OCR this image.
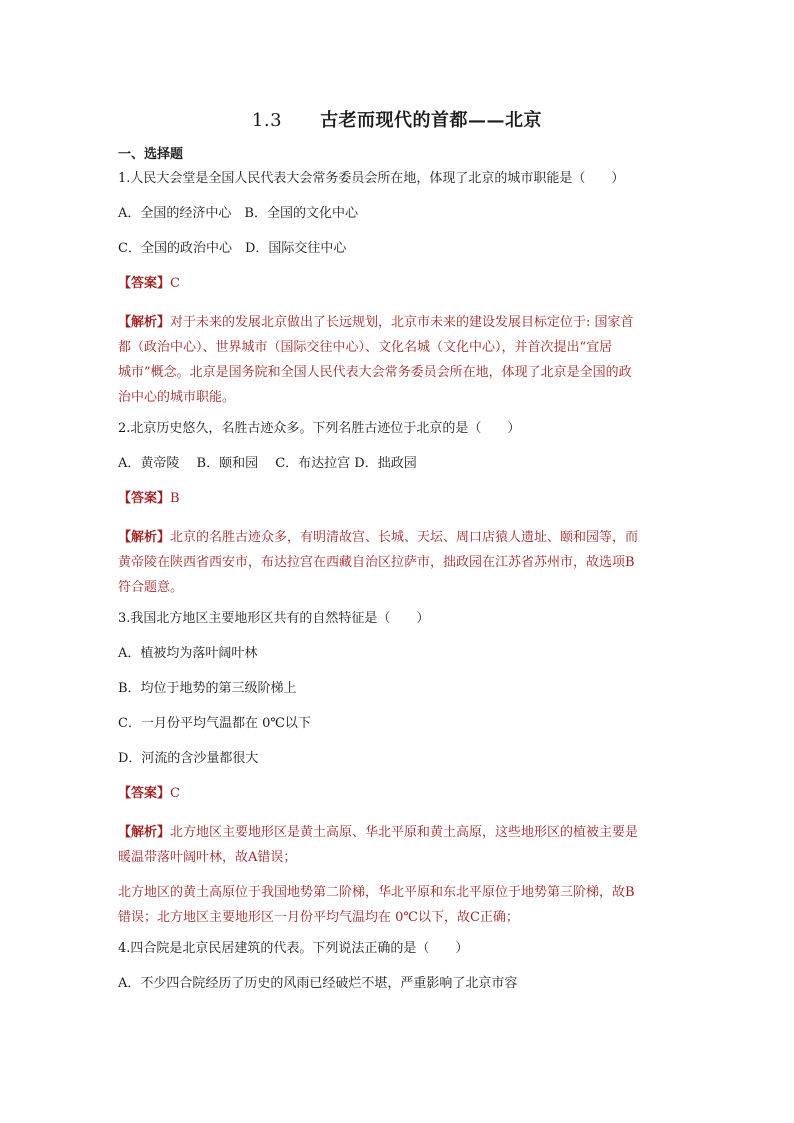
1.3 古老而现代的首都——北京
一、选择题
1.人民大会堂是全国人民代表大会常务委员会所在地，体现了北京的城市职能是（　　）
A．全国的经济中心　B．全国的文化中心
C．全国的政治中心　D．国际交往中心
【答案】C

【解析】对于未来的发展北京做出了长远规划，北京市未来的建设发展目标定位于: 国家首

都（政治中心）、世界城市（国际交往中心）、文化名城（文化中心），并首次提出“宜居

城市”概念。北京是国务院和全国人民代表大会常务委员会所在地，体现了北京是全国的政

治中心的城市职能。

2.北京历史悠久，名胜古迹众多。下列名胜古迹位于北京的是（　　）
A．黄帝陵　 B．颐和园　 C．布达拉宫 D．拙政园
【答案】B

【解析】北京的名胜古迹众多，有明清故宫、长城、天坛、周口店猿人遗址、颐和园等，而

黄帝陵在陕西省西安市，布达拉宫在西藏自治区拉萨市，拙政园在江苏省苏州市，故选项B

符合题意。

3.我国北方地区主要地形区共有的自然特征是（　　）
A．植被均为落叶阔叶林
B．均位于地势的第三级阶梯上
C．一月份平均气温都在 0℃以下
D．河流的含沙量都很大
【答案】C

【解析】北方地区主要地形区是黄土高原、华北平原和黄土高原，这些地形区的植被主要是

暖温带落叶阔叶林，故A错误；

北方地区的黄土高原位于我国地势第二阶梯，华北平原和东北平原位于地势第三阶梯，故B

错误；北方地区主要地形区一月份平均气温均在 0℃以下，故C正确；

4.四合院是北京民居建筑的代表。下列说法正确的是（　　）
A．不少四合院经历了历史的风雨已经破烂不堪，严重影响了北京市容
